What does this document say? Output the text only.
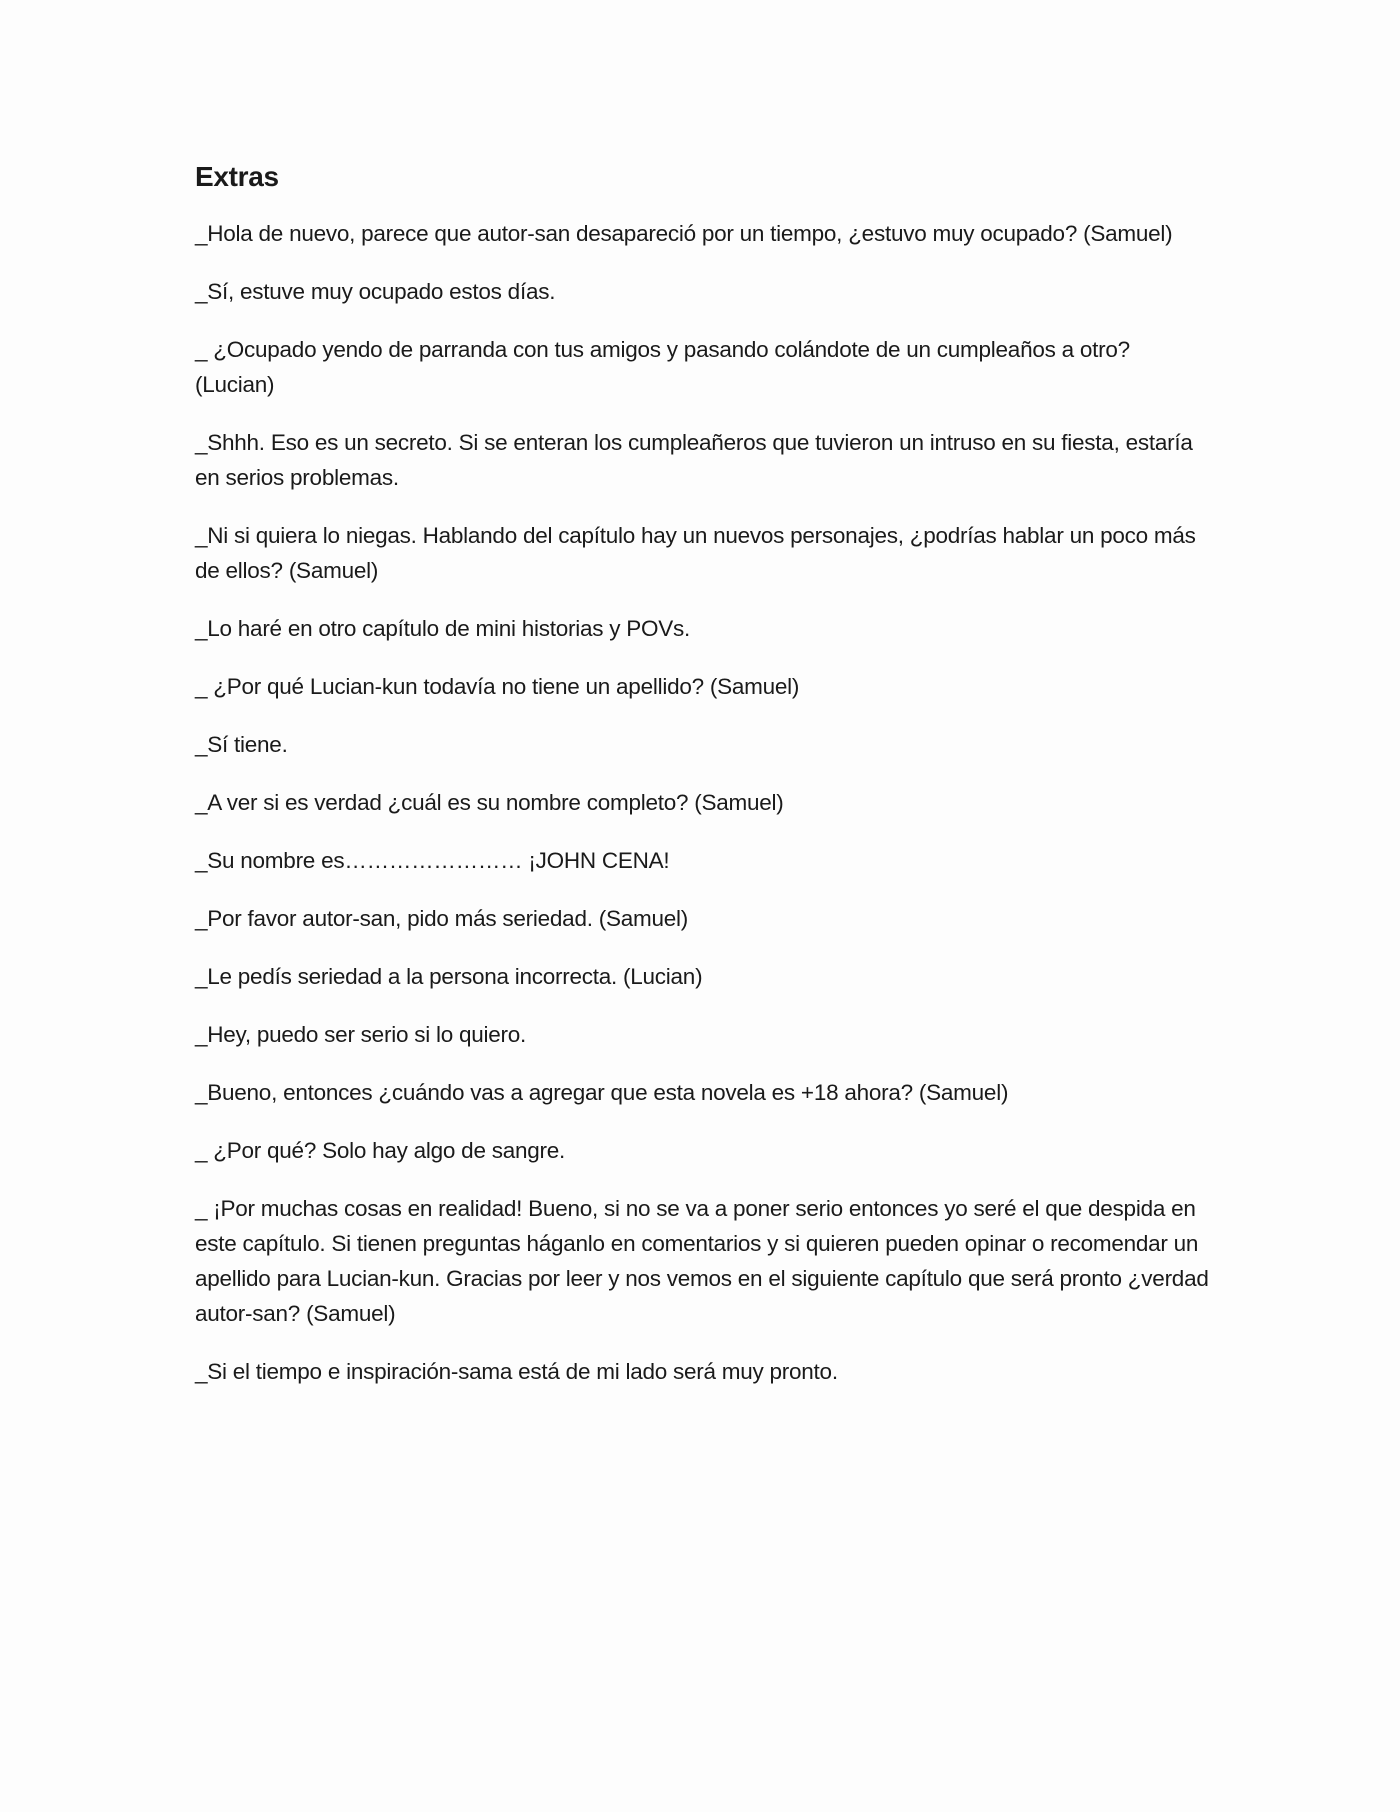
Extras

_Hola de nuevo, parece que autor-san desapareció por un tiempo, ¿estuvo muy ocupado? (Samuel)

_Sí, estuve muy ocupado estos días.

_ ¿Ocupado yendo de parranda con tus amigos y pasando colándote de un cumpleaños a otro? (Lucian)

_Shhh. Eso es un secreto. Si se enteran los cumpleañeros que tuvieron un intruso en su fiesta, estaría en serios problemas.

_Ni si quiera lo niegas. Hablando del capítulo hay un nuevos personajes, ¿podrías hablar un poco más de ellos? (Samuel)

_Lo haré en otro capítulo de mini historias y POVs.

_ ¿Por qué Lucian-kun todavía no tiene un apellido? (Samuel)

_Sí tiene.

_A ver si es verdad ¿cuál es su nombre completo? (Samuel)

_Su nombre es…………………… ¡JOHN CENA!

_Por favor autor-san, pido más seriedad. (Samuel)

_Le pedís seriedad a la persona incorrecta. (Lucian)

_Hey, puedo ser serio si lo quiero.

_Bueno, entonces ¿cuándo vas a agregar que esta novela es +18 ahora? (Samuel)

_ ¿Por qué? Solo hay algo de sangre.

_ ¡Por muchas cosas en realidad! Bueno, si no se va a poner serio entonces yo seré el que despida en este capítulo. Si tienen preguntas háganlo en comentarios y si quieren pueden opinar o recomendar un apellido para Lucian-kun. Gracias por leer y nos vemos en el siguiente capítulo que será pronto ¿verdad autor-san? (Samuel)

_Si el tiempo e inspiración-sama está de mi lado será muy pronto.
